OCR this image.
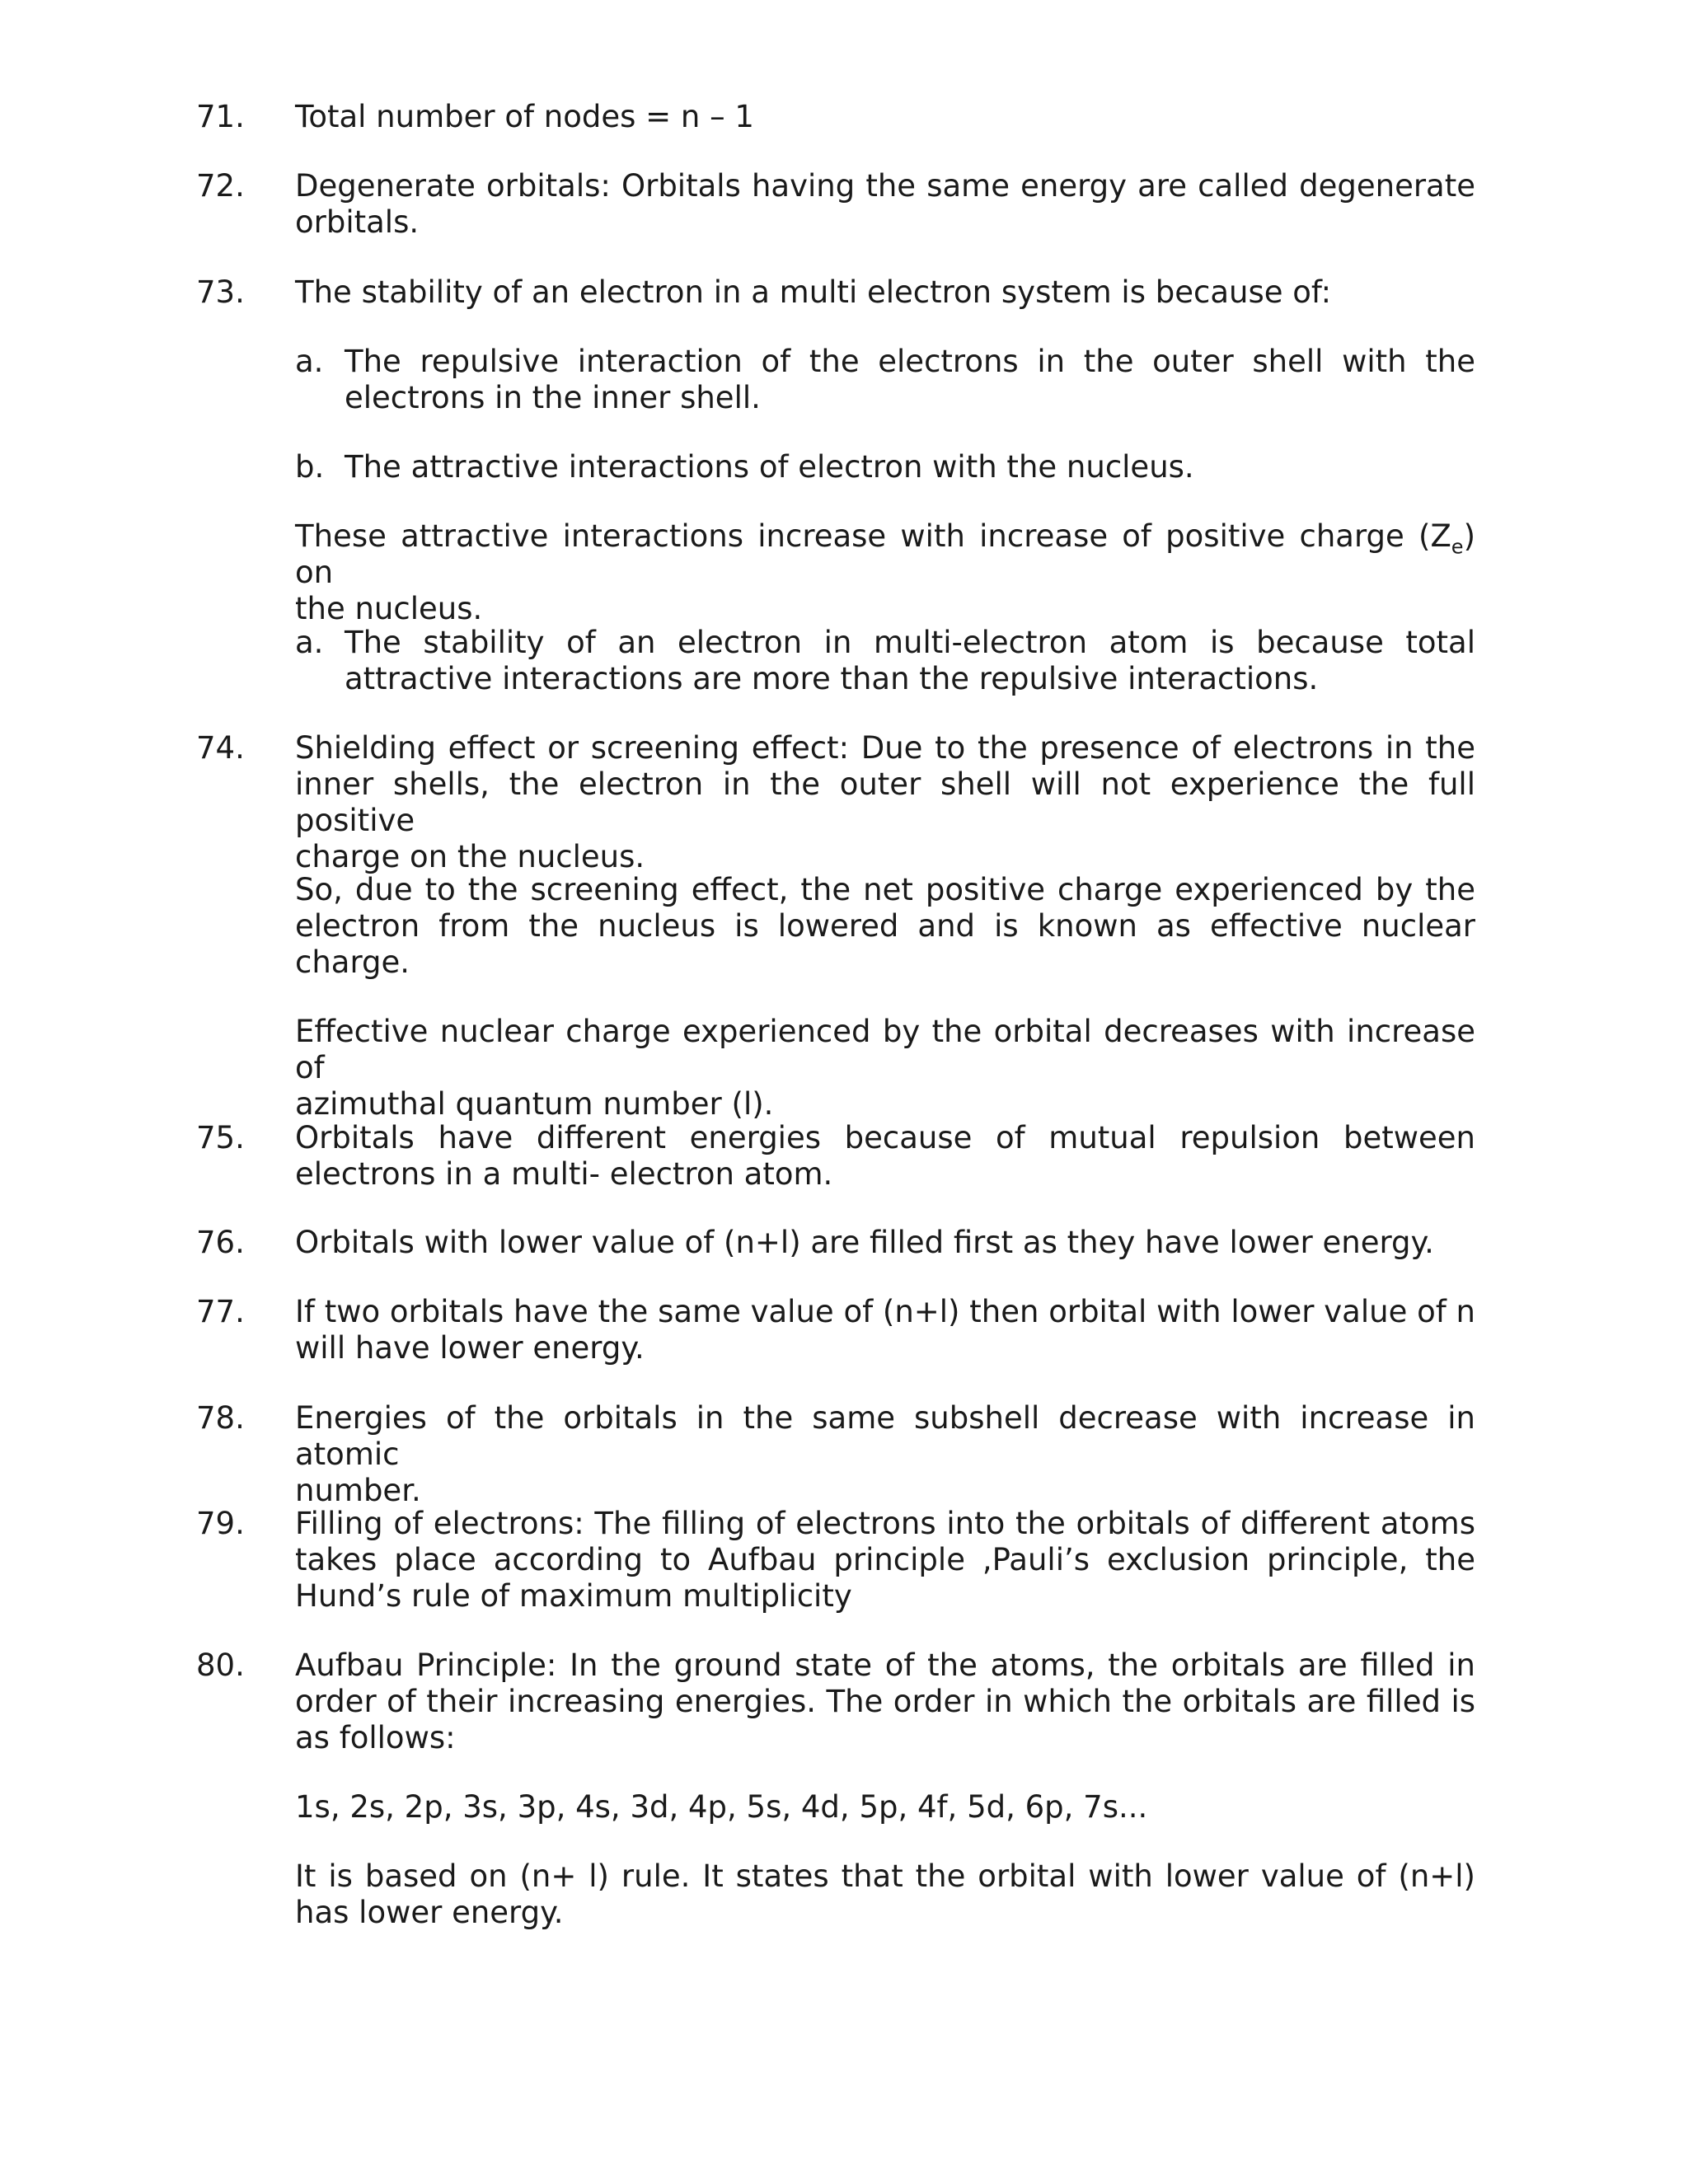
71.	Total number of nodes = n – 1

72.	Degenerate orbitals: Orbitals having the same energy are called degenerate
orbitals.
73.	The stability of an electron in a multi electron system is because of:

a. The repulsive interaction of the electrons in the outer shell with the
electrons in the inner shell.
b. The attractive interactions of electron with the nucleus.

These attractive interactions increase with increase of positive charge $(Z_e)$ on
the nucleus.
a. The stability of an electron in multi-electron atom is because total
attractive interactions are more than the repulsive interactions.
74.	Shielding effect or screening effect: Due to the presence of electrons in the
inner shells, the electron in the outer shell will not experience the full positive
charge on the nucleus.
So, due to the screening effect, the net positive charge experienced by the
electron from the nucleus is lowered and is known as effective nuclear
charge.
Effective nuclear charge experienced by the orbital decreases with increase of
azimuthal quantum number (l).
75.	Orbitals have different energies because of mutual repulsion between
electrons in a multi- electron atom.
76.	Orbitals with lower value of (n+l) are filled first as they have lower energy.

77.	If two orbitals have the same value of (n+l) then orbital with lower value of n
will have lower energy.
78.	Energies of the orbitals in the same subshell decrease with increase in atomic
number.
79.	Filling of electrons: The filling of electrons into the orbitals of different atoms
takes place according to Aufbau principle ,Pauli’s exclusion principle, the
Hund’s rule of maximum multiplicity
80.	Aufbau Principle: In the ground state of the atoms, the orbitals are filled in
order of their increasing energies. The order in which the orbitals are filled is
as follows:

1s, 2s, 2p, 3s, 3p, 4s, 3d, 4p, 5s, 4d, 5p, 4f, 5d, 6p, 7s...

It is based on (n+ l) rule. It states that the orbital with lower value of (n+l)
has lower energy.
